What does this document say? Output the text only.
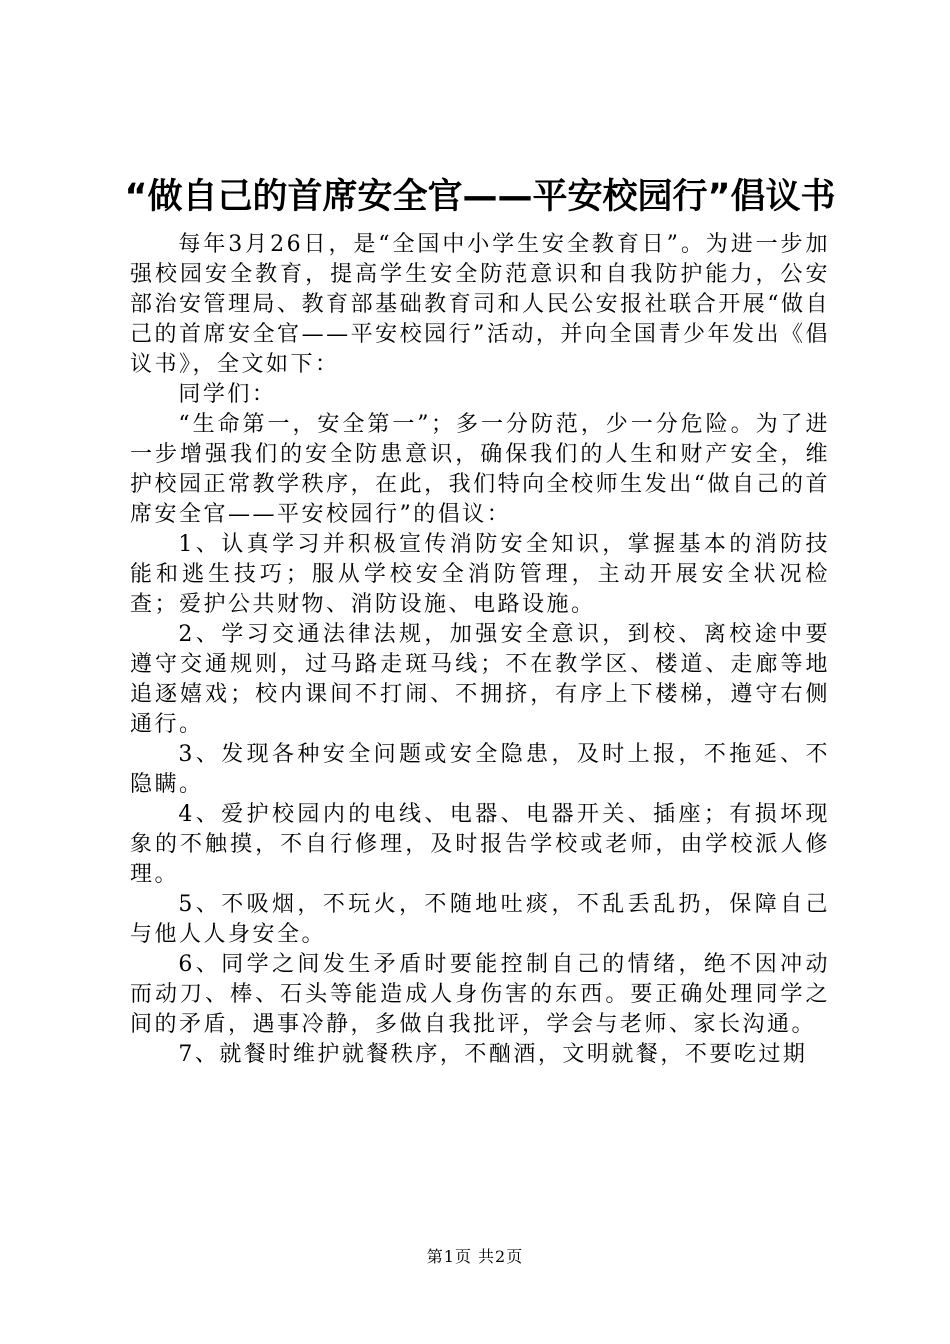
“做自己的首席安全官——平安校园行”倡议书

每年3月26日，是“全国中小学生安全教育日”。为进一步加强校园安全教育，提高学生安全防范意识和自我防护能力，公安部治安管理局、教育部基础教育司和人民公安报社联合开展“做自己的首席安全官——平安校园行”活动，并向全国青少年发出《倡议书》，全文如下：

同学们：

“生命第一，安全第一”；多一分防范，少一分危险。为了进一步增强我们的安全防患意识，确保我们的人生和财产安全，维护校园正常教学秩序，在此，我们特向全校师生发出“做自己的首席安全官——平安校园行”的倡议：

1、认真学习并积极宣传消防安全知识，掌握基本的消防技能和逃生技巧；服从学校安全消防管理，主动开展安全状况检查；爱护公共财物、消防设施、电路设施。

2、学习交通法律法规，加强安全意识，到校、离校途中要遵守交通规则，过马路走斑马线；不在教学区、楼道、走廊等地追逐嬉戏；校内课间不打闹、不拥挤，有序上下楼梯，遵守右侧通行。

3、发现各种安全问题或安全隐患，及时上报，不拖延、不隐瞒。

4、爱护校园内的电线、电器、电器开关、插座；有损坏现象的不触摸，不自行修理，及时报告学校或老师，由学校派人修理。

5、不吸烟，不玩火，不随地吐痰，不乱丢乱扔，保障自己与他人人身安全。

6、同学之间发生矛盾时要能控制自己的情绪，绝不因冲动而动刀、棒、石头等能造成人身伤害的东西。要正确处理同学之间的矛盾，遇事冷静，多做自我批评，学会与老师、家长沟通。

7、就餐时维护就餐秩序，不酗酒，文明就餐，不要吃过期

第1页 共2页
